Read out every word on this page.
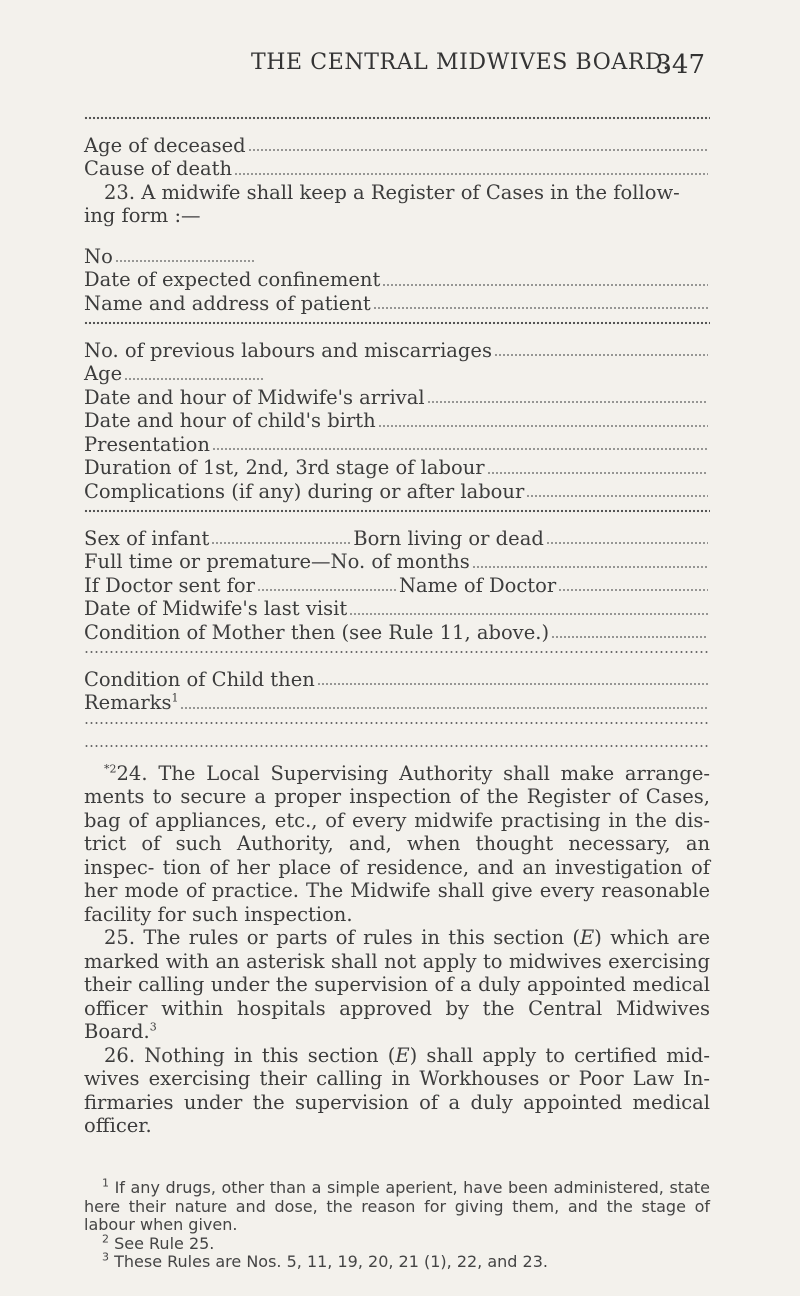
THE CENTRAL MIDWIVES BOARD.
347
Age of deceased
Cause of death

23. A midwife shall keep a Register of Cases in the follow-

ing form :—

No
Date of expected confinement
Name and address of patient
No. of previous labours and miscarriages
Age
Date and hour of Midwife's arrival
Date and hour of child's birth
Presentation
Duration of 1st, 2nd, 3rd stage of labour
Complications (if any) during or after labour
Sex of infant	Born living or dead
Full time or premature—No. of months
If Doctor sent for	Name of Doctor
Date of Midwife's last visit
Condition of Mother then (see Rule 11, above.)
Condition of Child then
Remarks$^1$

$^{*2}$24. The Local Supervising Authority shall make arrange- ments to secure a proper inspection of the Register of Cases, bag of appliances, etc., of every midwife practising in the dis- trict of such Authority, and, when thought necessary, an inspec- tion of her place of residence, and an investigation of her mode of practice. The Midwife shall give every reasonable facility for such inspection.

25. The rules or parts of rules in this section (E) which are marked with an asterisk shall not apply to midwives exercising their calling under the supervision of a duly appointed medical officer within hospitals approved by the Central Midwives Board.$^3$

26. Nothing in this section (E) shall apply to certified mid- wives exercising their calling in Workhouses or Poor Law In- firmaries under the supervision of a duly appointed medical officer.

$^1$ If any drugs, other than a simple aperient, have been administered, state here their nature and dose, the reason for giving them, and the stage of labour when given.

$^2$ See Rule 25.

$^3$ These Rules are Nos. 5, 11, 19, 20, 21 (1), 22, and 23.
